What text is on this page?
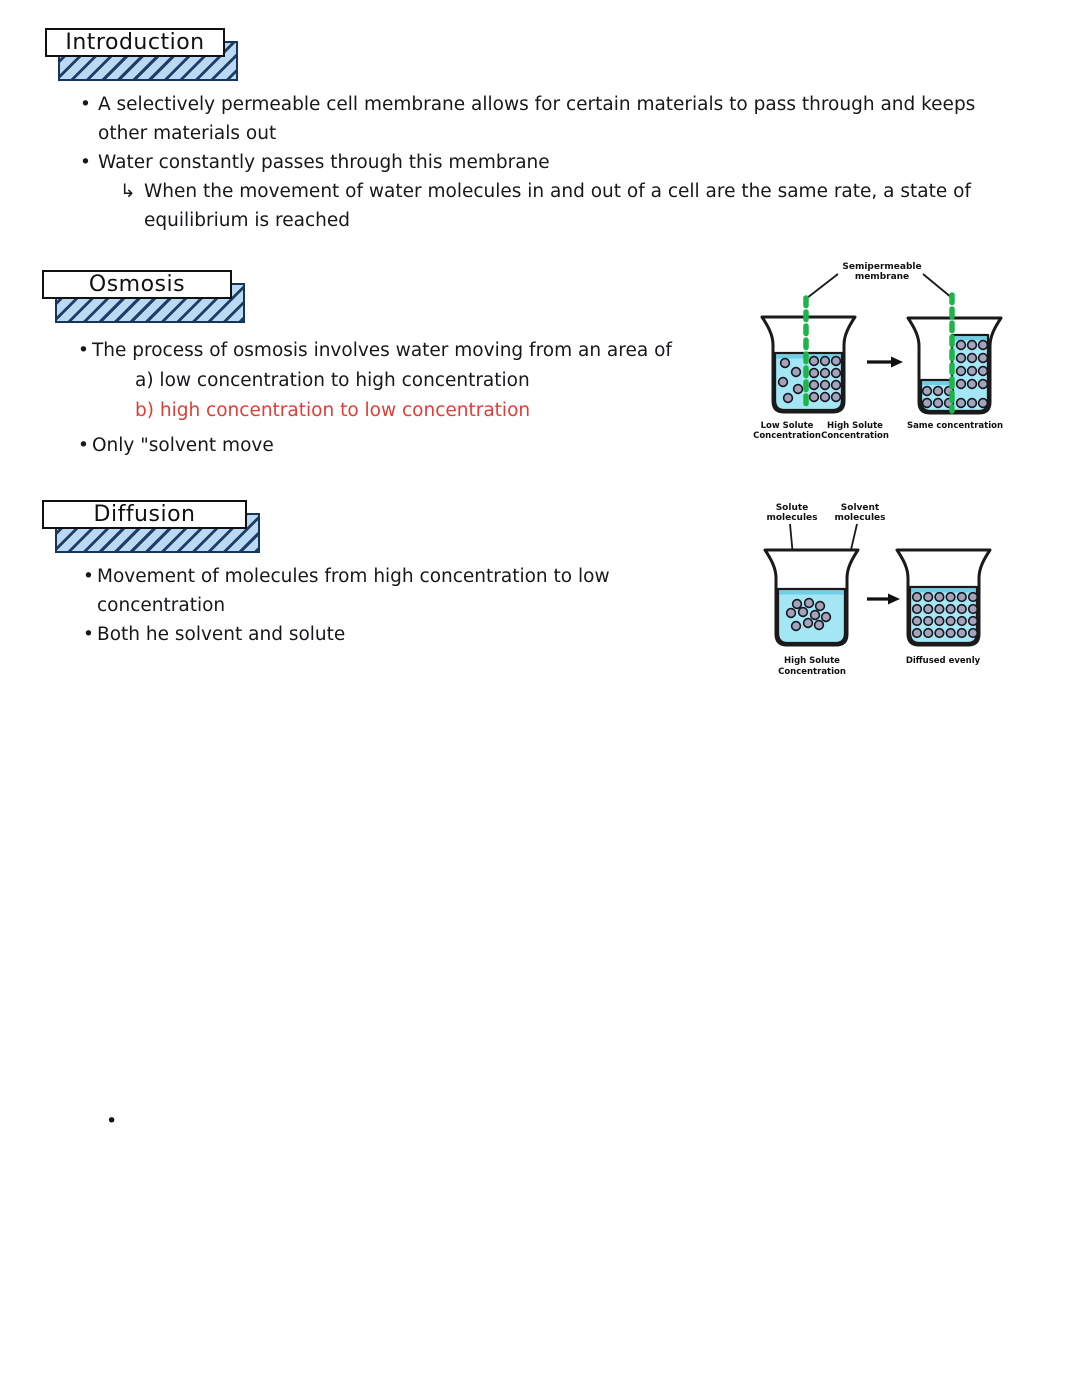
Introduction
• A selectively permeable cell membrane allows for certain materials to pass through and keeps
other materials out
• Water constantly passes through this membrane
↳ When the movement of water molecules in and out of a cell are the same rate, a state of
equilibrium is reached
Osmosis
• The process of osmosis involves water moving from an area of
a) low concentration to high concentration
b) high concentration to low concentration
• Only "solvent move
Semipermeable
membrane
Low Solute
Concentration
High Solute
Concentration
Same concentration
Diffusion
• Movement of molecules from high concentration to low
concentration
• Both he solvent and solute
Solute
molecules
Solvent
molecules
High Solute
Concentration
Diffused evenly
•
